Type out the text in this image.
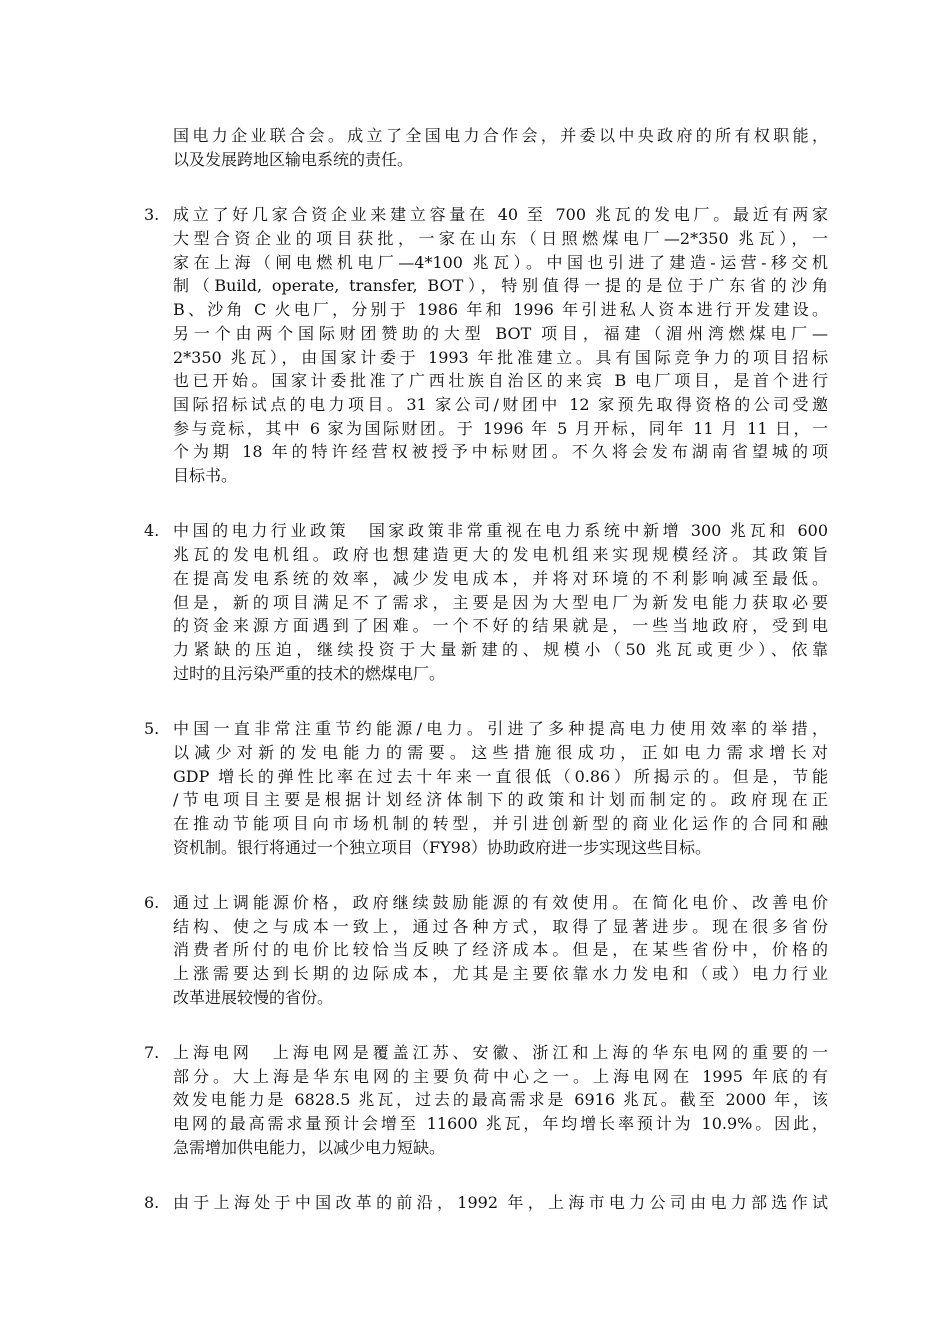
国电力企业联合会。成立了全国电力合作会，并委以中央政府的所有权职能，
以及发展跨地区输电系统的责任。
3. 成立了好几家合资企业来建立容量在 40 至 700 兆瓦的发电厂。最近有两家
大型合资企业的项目获批，一家在山东（日照燃煤电厂—2*350 兆瓦），一
家在上海（闸电燃机电厂—4*100 兆瓦）。中国也引进了建造-运营-移交机
制（Build, operate, transfer, BOT），特别值得一提的是位于广东省的沙角
B、沙角 C 火电厂，分别于 1986 年和 1996 年引进私人资本进行开发建设。
另一个由两个国际财团赞助的大型 BOT 项目，福建（湄州湾燃煤电厂—
2*350 兆瓦），由国家计委于 1993 年批准建立。具有国际竞争力的项目招标
也已开始。国家计委批准了广西壮族自治区的来宾 B 电厂项目，是首个进行
国际招标试点的电力项目。31 家公司/财团中 12 家预先取得资格的公司受邀
参与竞标，其中 6 家为国际财团。于 1996 年 5 月开标，同年 11 月 11 日，一
个为期 18 年的特许经营权被授予中标财团。不久将会发布湖南省望城的项
目标书。
4. 中国的电力行业政策　国家政策非常重视在电力系统中新增 300 兆瓦和 600
兆瓦的发电机组。政府也想建造更大的发电机组来实现规模经济。其政策旨
在提高发电系统的效率，减少发电成本，并将对环境的不利影响减至最低。
但是，新的项目满足不了需求，主要是因为大型电厂为新发电能力获取必要
的资金来源方面遇到了困难。一个不好的结果就是，一些当地政府，受到电
力紧缺的压迫，继续投资于大量新建的、规模小（50 兆瓦或更少）、依靠
过时的且污染严重的技术的燃煤电厂。
5. 中国一直非常注重节约能源/电力。引进了多种提高电力使用效率的举措，
以减少对新的发电能力的需要。这些措施很成功，正如电力需求增长对
GDP 增长的弹性比率在过去十年来一直很低（0.86）所揭示的。但是，节能
/节电项目主要是根据计划经济体制下的政策和计划而制定的。政府现在正
在推动节能项目向市场机制的转型，并引进创新型的商业化运作的合同和融
资机制。银行将通过一个独立项目（FY98）协助政府进一步实现这些目标。
6. 通过上调能源价格，政府继续鼓励能源的有效使用。在简化电价、改善电价
结构、使之与成本一致上，通过各种方式，取得了显著进步。现在很多省份
消费者所付的电价比较恰当反映了经济成本。但是，在某些省份中，价格的
上涨需要达到长期的边际成本，尤其是主要依靠水力发电和（或）电力行业
改革进展较慢的省份。
7. 上海电网　上海电网是覆盖江苏、安徽、浙江和上海的华东电网的重要的一
部分。大上海是华东电网的主要负荷中心之一。上海电网在 1995 年底的有
效发电能力是 6828.5 兆瓦，过去的最高需求是 6916 兆瓦。截至 2000 年，该
电网的最高需求量预计会增至 11600 兆瓦，年均增长率预计为 10.9%。因此，
急需增加供电能力，以减少电力短缺。
8. 由于上海处于中国改革的前沿，1992 年，上海市电力公司由电力部选作试
